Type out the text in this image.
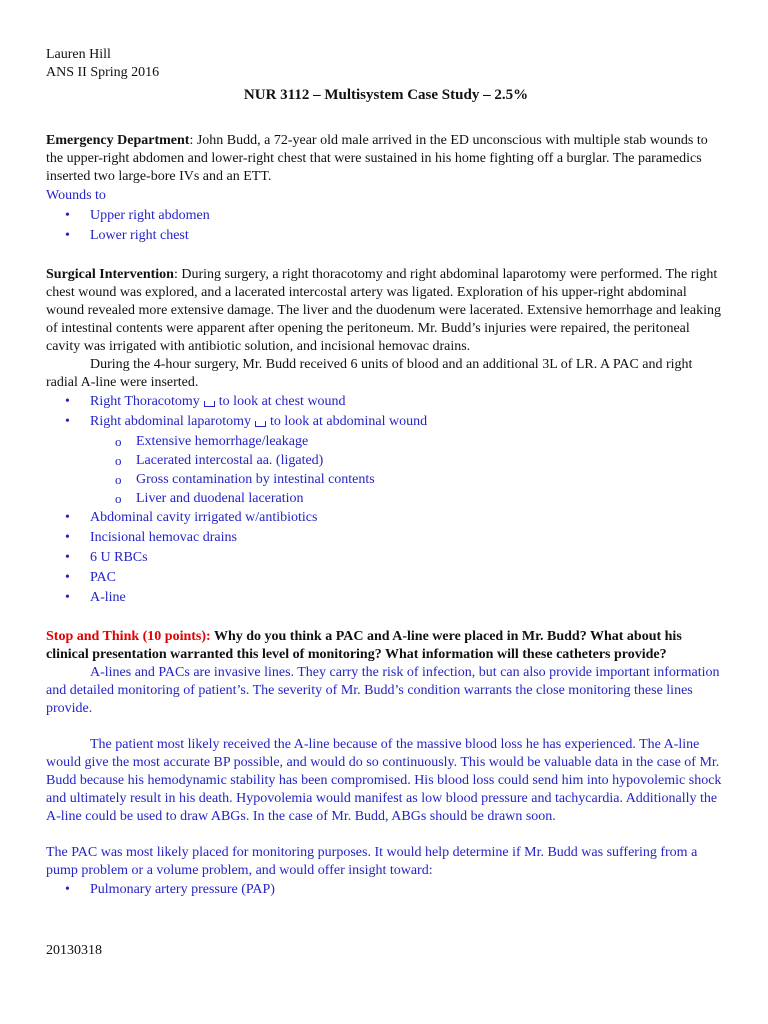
Lauren Hill
ANS II Spring 2016
NUR 3112 – Multisystem Case Study – 2.5%

Emergency Department: John Budd, a 72-year old male arrived in the ED unconscious with multiple stab wounds to the upper-right abdomen and lower-right chest that were sustained in his home fighting off a burglar. The paramedics inserted two large-bore IVs and an ETT.

Wounds to
• Upper right abdomen
• Lower right chest

Surgical Intervention: During surgery, a right thoracotomy and right abdominal laparotomy were performed. The right chest wound was explored, and a lacerated intercostal artery was ligated. Exploration of his upper-right abdominal wound revealed more extensive damage. The liver and the duodenum were lacerated. Extensive hemorrhage and leaking of intestinal contents were apparent after opening the peritoneum. Mr. Budd’s injuries were repaired, the peritoneal cavity was irrigated with antibiotic solution, and incisional hemovac drains.

During the 4-hour surgery, Mr. Budd received 6 units of blood and an additional 3L of LR. A PAC and right radial A-line were inserted.

• Right Thoracotomy to look at chest wound
• Right abdominal laparotomy to look at abdominal wound
o Extensive hemorrhage/leakage
o Lacerated intercostal aa. (ligated)
o Gross contamination by intestinal contents
o Liver and duodenal laceration
• Abdominal cavity irrigated w/antibiotics
• Incisional hemovac drains
• 6 U RBCs
• PAC
• A-line

Stop and Think (10 points): Why do you think a PAC and A-line were placed in Mr. Budd? What about his clinical presentation warranted this level of monitoring? What information will these catheters provide?

A-lines and PACs are invasive lines. They carry the risk of infection, but can also provide important information and detailed monitoring of patient’s. The severity of Mr. Budd’s condition warrants the close monitoring these lines provide.

The patient most likely received the A-line because of the massive blood loss he has experienced. The A-line would give the most accurate BP possible, and would do so continuously. This would be valuable data in the case of Mr. Budd because his hemodynamic stability has been compromised. His blood loss could send him into hypovolemic shock and ultimately result in his death. Hypovolemia would manifest as low blood pressure and tachycardia. Additionally the A-line could be used to draw ABGs. In the case of Mr. Budd, ABGs should be drawn soon.

The PAC was most likely placed for monitoring purposes. It would help determine if Mr. Budd was suffering from a pump problem or a volume problem, and would offer insight toward:

• Pulmonary artery pressure (PAP)
20130318
